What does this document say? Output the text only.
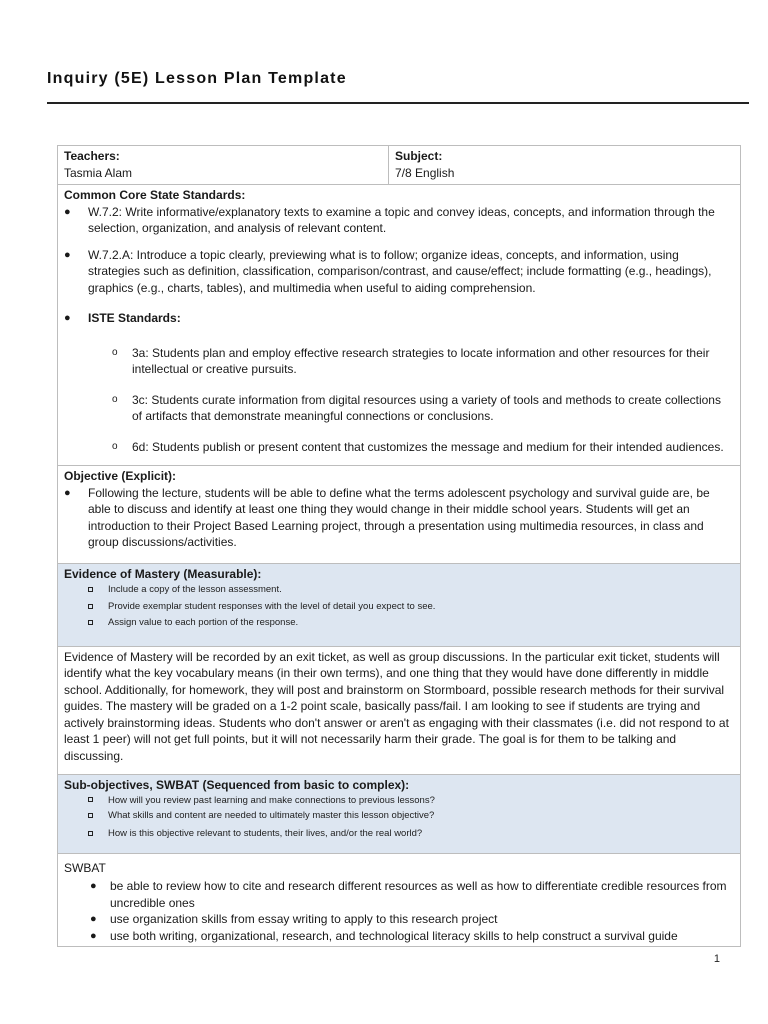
Inquiry (5E) Lesson Plan Template
Teachers:
Tasmia Alam
Subject:
7/8 English
Common Core State Standards:
● W.7.2: Write informative/explanatory texts to examine a topic and convey ideas, concepts, and information through the selection, organization, and analysis of relevant content.
● W.7.2.A: Introduce a topic clearly, previewing what is to follow; organize ideas, concepts, and information, using strategies such as definition, classification, comparison/contrast, and cause/effect; include formatting (e.g., headings), graphics (e.g., charts, tables), and multimedia when useful to aiding comprehension.
● ISTE Standards:
o 3a: Students plan and employ effective research strategies to locate information and other resources for their intellectual or creative pursuits.
o 3c: Students curate information from digital resources using a variety of tools and methods to create collections of artifacts that demonstrate meaningful connections or conclusions.
o 6d: Students publish or present content that customizes the message and medium for their intended audiences.
Objective (Explicit):
● Following the lecture, students will be able to define what the terms adolescent psychology and survival guide are, be able to discuss and identify at least one thing they would change in their middle school years. Students will get an introduction to their Project Based Learning project, through a presentation using multimedia resources, in class and group discussions/activities.
Evidence of Mastery (Measurable):
Include a copy of the lesson assessment.
Provide exemplar student responses with the level of detail you expect to see.
Assign value to each portion of the response.
Evidence of Mastery will be recorded by an exit ticket, as well as group discussions. In the particular exit ticket, students will identify what the key vocabulary means (in their own terms), and one thing that they would have done differently in middle school. Additionally, for homework, they will post and brainstorm on Stormboard, possible research methods for their survival guides. The mastery will be graded on a 1-2 point scale, basically pass/fail. I am looking to see if students are trying and actively brainstorming ideas. Students who don't answer or aren't as engaging with their classmates (i.e. did not respond to at least 1 peer) will not get full points, but it will not necessarily harm their grade. The goal is for them to be talking and discussing.
Sub-objectives, SWBAT (Sequenced from basic to complex):
How will you review past learning and make connections to previous lessons?
What skills and content are needed to ultimately master this lesson objective?
How is this objective relevant to students, their lives, and/or the real world?
SWBAT
● be able to review how to cite and research different resources as well as how to differentiate credible resources from uncredible ones
● use organization skills from essay writing to apply to this research project
● use both writing, organizational, research, and technological literacy skills to help construct a survival guide
1
